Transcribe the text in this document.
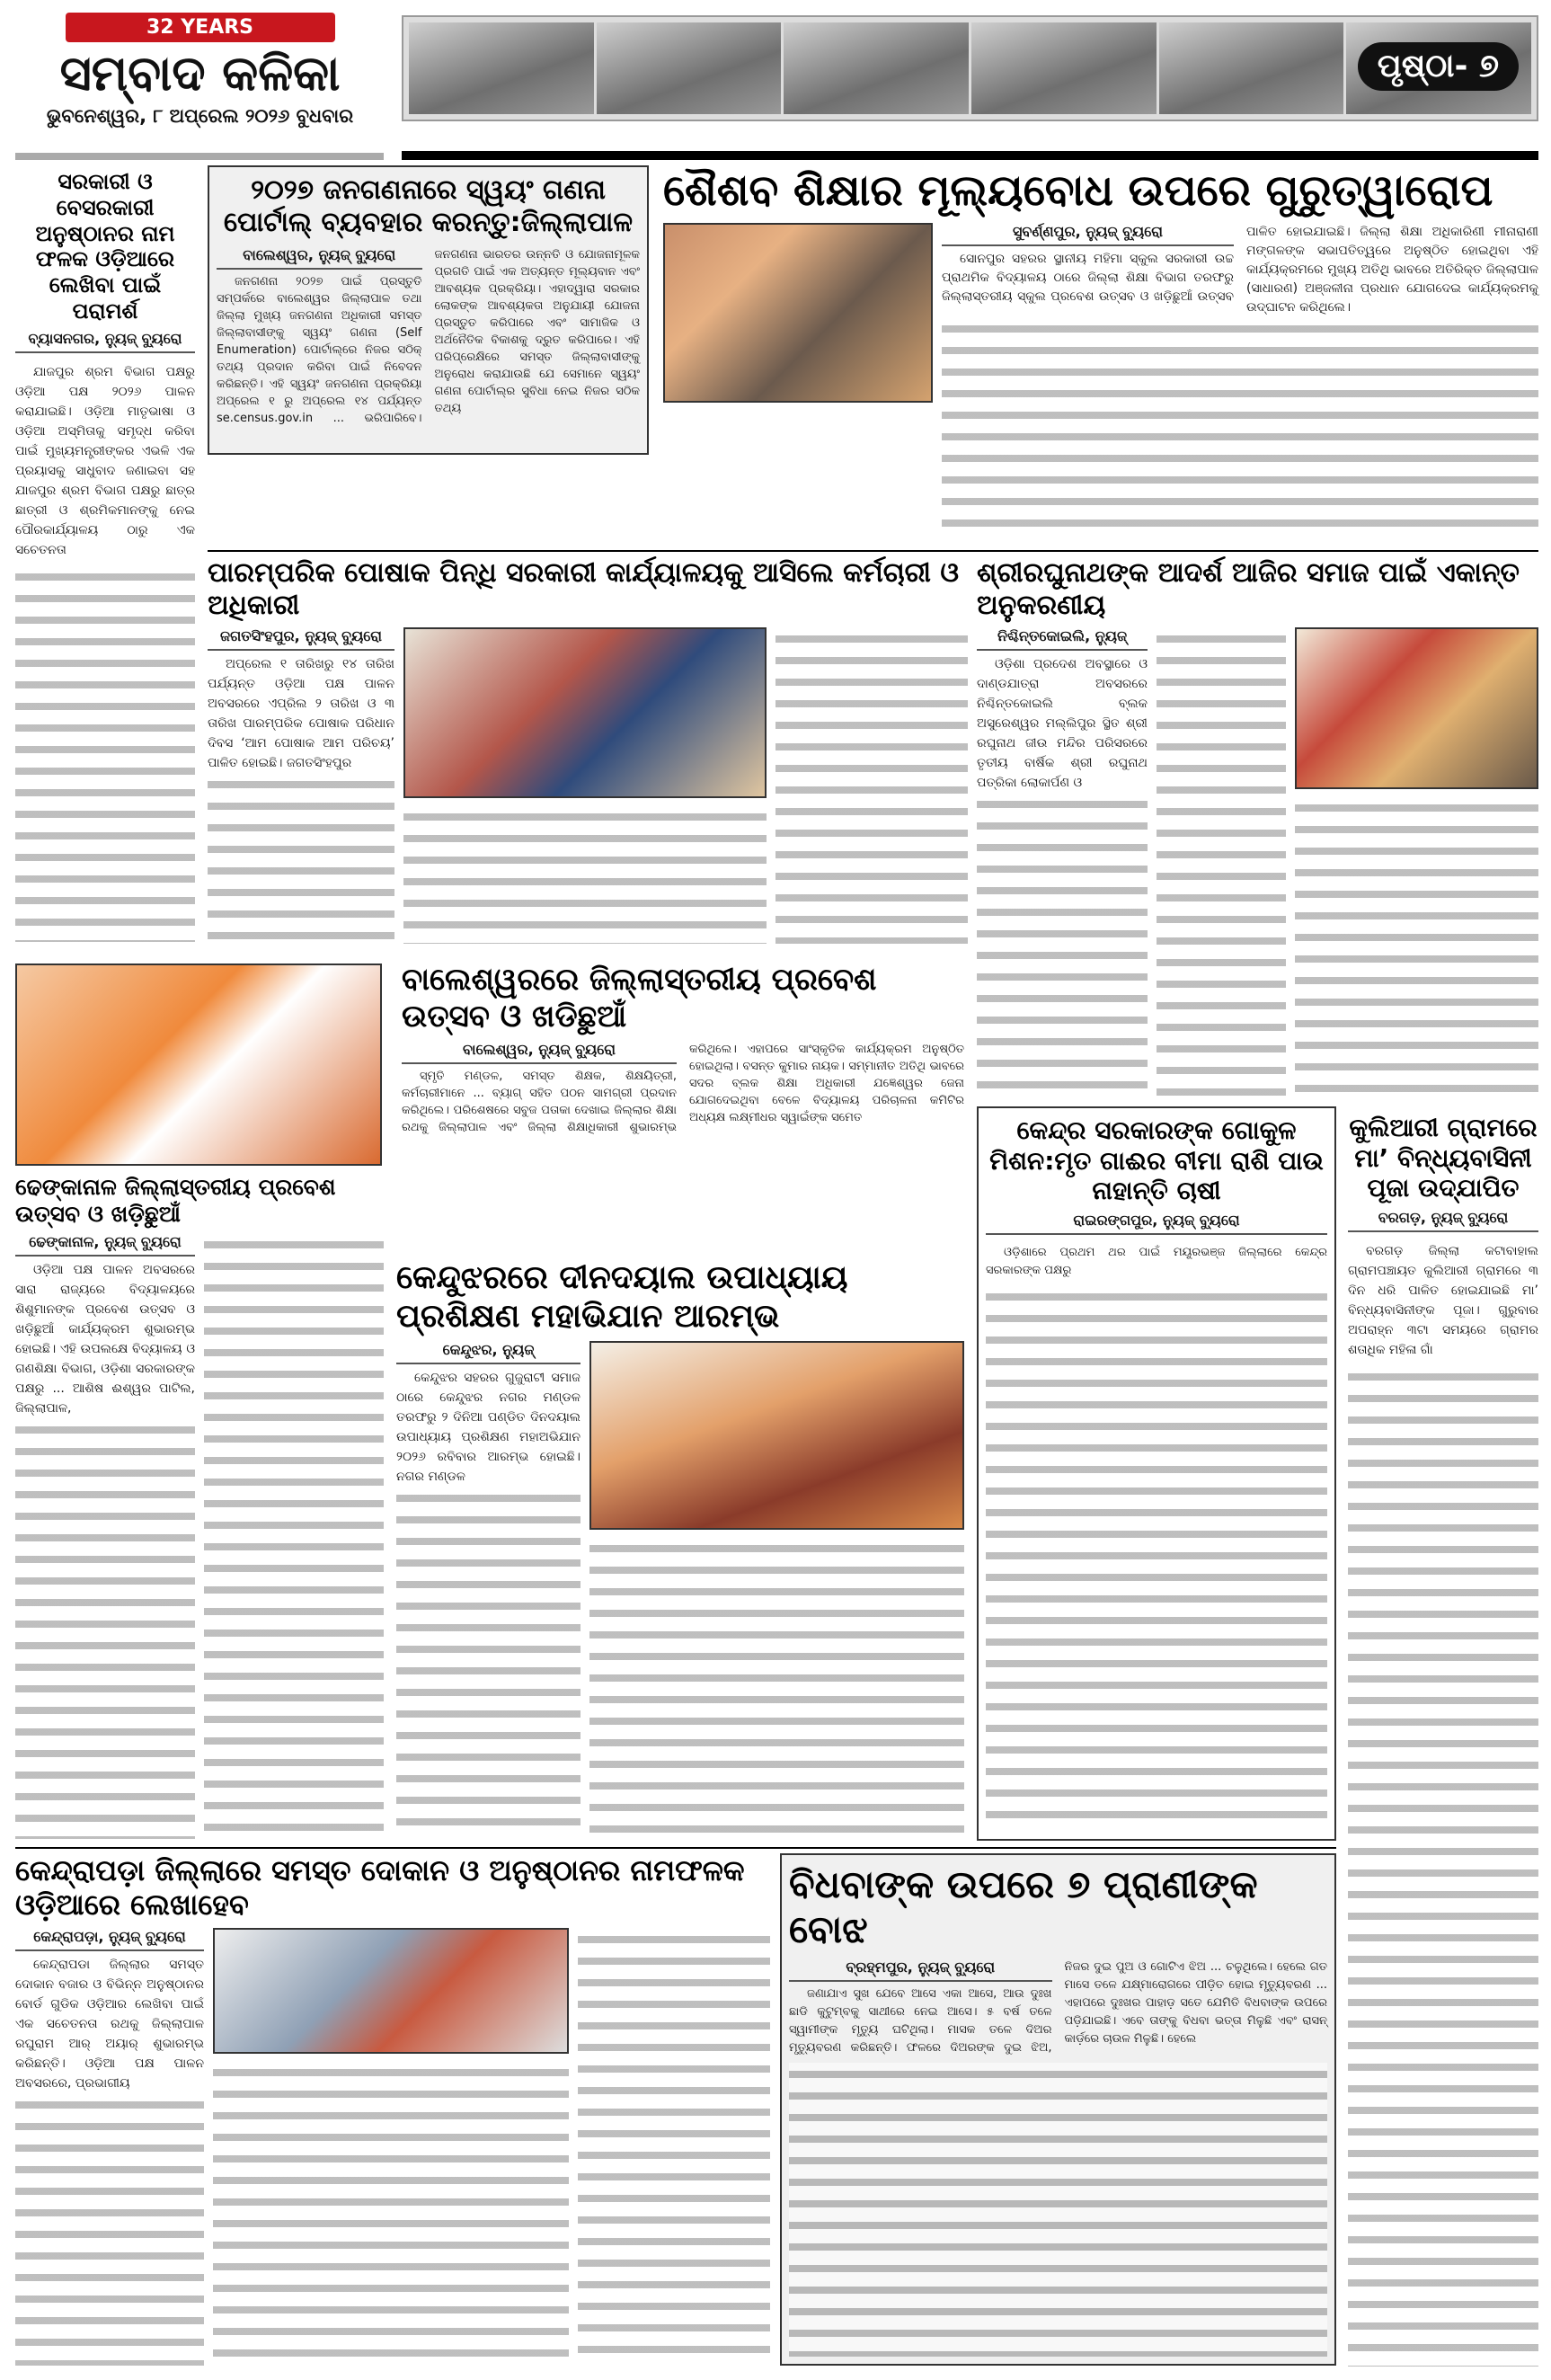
32 YEARS
ସମ୍ବାଦ କଳିକା
ଭୁବନେଶ୍ୱର, ୮ ଅପ୍ରେଲ ୨୦୨୬ ବୁଧବାର
ପୃଷ୍ଠା- ୭
ସରକାରୀ ଓ ବେସରକାରୀ ଅନୁଷ୍ଠାନର ନାମ ଫଳକ ଓଡ଼ିଆରେ ଲେଖିବା ପାଇଁ ପରାମର୍ଶ
ବ୍ୟାସନଗର, ନ୍ୟୁଜ୍ ବ୍ୟୁରୋ
ଯାଜପୁର ଶ୍ରମ ବିଭାଗ ପକ୍ଷରୁ ଓଡ଼ିଆ ପକ୍ଷ ୨୦୨୬ ପାଳନ କରାଯାଇଛି। ଓଡ଼ିଆ ମାତୃଭାଷା ଓ ଓଡ଼ିଆ ଅସ୍ମିତାକୁ ସମୃଦ୍ଧ କରିବା ପାଇଁ ମୁଖ୍ୟମନ୍ତ୍ରୀଙ୍କର ଏଭଳି ଏକ ପ୍ରୟାସକୁ ସାଧୁବାଦ ଜଣାଇବା ସହ ଯାଜପୁର ଶ୍ରମ ବିଭାଗ ପକ୍ଷରୁ ଛାତ୍ର ଛାତ୍ରୀ ଓ ଶ୍ରମିକମାନଙ୍କୁ ନେଇ ପୌରକାର୍ଯ୍ୟାଳୟ ଠାରୁ ଏକ ସଚେତନତା
୨୦୨୭ ଜନଗଣନାରେ ସ୍ୱୟଂ ଗଣନା ପୋର୍ଟାଲ୍ ବ୍ୟବହାର କରନ୍ତୁ:ଜିଲ୍ଲାପାଳ
ବାଲେଶ୍ୱର, ନ୍ୟୁଜ୍ ବ୍ୟୁରୋ
ଜନଗଣନା ୨୦୨୭ ପାଇଁ ପ୍ରସ୍ତୁତି ସମ୍ପର୍କରେ ବାଲେଶ୍ୱର ଜିଲ୍ଲାପାଳ ତଥା ଜିଲ୍ଲା ମୁଖ୍ୟ ଜନଗଣନା ଅଧିକାରୀ ସମସ୍ତ ଜିଲ୍ଲାବାସୀଙ୍କୁ ସ୍ୱୟଂ ଗଣନା (Self Enumeration) ପୋର୍ଟାଲ୍‌ରେ ନିଜର ସଠିକ୍ ତଥ୍ୟ ପ୍ରଦାନ କରିବା ପାଇଁ ନିବେଦନ କରିଛନ୍ତି। ଏହି ସ୍ୱୟଂ ଜନଗଣନା ପ୍ରକ୍ରିୟା ଅପ୍ରେଲ ୧ ରୁ ଅପ୍ରେଲ ୧୪ ପର୍ଯ୍ୟନ୍ତ se.census.gov.in ... ଭରିପାରିବେ। ଜନଗଣନା ଭାରତର ଉନ୍ନତି ଓ ଯୋଜନାମୂଳକ ପ୍ରଗତି ପାଇଁ ଏକ ଅତ୍ୟନ୍ତ ମୂଲ୍ୟବାନ ଏବଂ ଆବଶ୍ୟକ ପ୍ରକ୍ରିୟା। ଏହାଦ୍ୱାରା ସରକାର ଲୋକଙ୍କ ଆବଶ୍ୟକତା ଅନୁଯାୟୀ ଯୋଜନା ପ୍ରସ୍ତୁତ କରିପାରେ ଏବଂ ସାମାଜିକ ଓ ଅର୍ଥନୈତିକ ବିକାଶକୁ ଦ୍ରୁତ କରିପାରେ। ଏହି ପରିପ୍ରେକ୍ଷିରେ ସମସ୍ତ ଜିଲ୍ଲାବାସୀଙ୍କୁ ଅନୁରୋଧ କରାଯାଉଛି ଯେ ସେମାନେ ସ୍ୱୟଂ ଗଣନା ପୋର୍ଟାଲ୍‌ର ସୁବିଧା ନେଇ ନିଜର ସଠିକ ତଥ୍ୟ
ଶୈଶବ ଶିକ୍ଷାର ମୂଲ୍ୟବୋଧ ଉପରେ ଗୁରୁତ୍ୱାରୋପ
ସୁବର୍ଣ୍ଣପୁର, ନ୍ୟୁଜ୍ ବ୍ୟୁରୋ
ସୋନପୁର ସହରର ସ୍ଥାନୀୟ ମହିମା ସ୍କୁଲ ସରକାରୀ ଉଚ୍ଚ ପ୍ରାଥମିକ ବିଦ୍ୟାଳୟ ଠାରେ ଜିଲ୍ଲା ଶିକ୍ଷା ବିଭାଗ ତରଫରୁ ଜିଲ୍ଲାସ୍ତରୀୟ ସ୍କୁଲ ପ୍ରବେଶ ଉତ୍ସବ ଓ ଖଡ଼ିଛୁଆଁ ଉତ୍ସବ ପାଳିତ ହୋଇଯାଇଛି। ଜିଲ୍ଲା ଶିକ୍ଷା ଅଧିକାରିଣୀ ମୀନାରାଣୀ ମଙ୍ଗଳଙ୍କ ସଭାପତିତ୍ୱରେ ଅନୁଷ୍ଠିତ ହୋଇଥିବା ଏହି କାର୍ଯ୍ୟକ୍ରମରେ ମୁଖ୍ୟ ଅତିଥି ଭାବରେ ଅତିରିକ୍ତ ଜିଲ୍ଲାପାଳ (ସାଧାରଣ) ଅଞ୍ଜଳୀନା ପ୍ରଧାନ ଯୋଗଦେଇ କାର୍ଯ୍ୟକ୍ରମକୁ ଉଦ୍‌ଘାଟନ କରିଥିଲେ।
ପାରମ୍ପରିକ ପୋଷାକ ପିନ୍ଧି ସରକାରୀ କାର୍ଯ୍ୟାଳୟକୁ ଆସିଲେ କର୍ମଚାରୀ ଓ ଅଧିକାରୀ
ଜଗତସିଂହପୁର, ନ୍ୟୁଜ୍ ବ୍ୟୁରୋ
ଅପ୍ରେଲ ୧ ତାରିଖରୁ ୧୪ ତାରିଖ ପର୍ଯ୍ୟନ୍ତ ଓଡ଼ିଆ ପକ୍ଷ ପାଳନ ଅବସରରେ ଏପ୍ରିଲ ୨ ତାରିଖ ଓ ୩ ତାରିଖ ପାରମ୍ପରିକ ପୋଷାକ ପରିଧାନ ଦିବସ ‘ଆମ ପୋଷାକ ଆମ ପରିଚୟ’ ପାଳିତ ହୋଇଛି। ଜଗତସିଂହପୁର
ଶ୍ରୀରଘୁନାଥଙ୍କ ଆଦର୍ଶ ଆଜିର ସମାଜ ପାଇଁ ଏକାନ୍ତ ଅନୁକରଣୀୟ
ନିଶ୍ଚିନ୍ତକୋଇଲି, ନ୍ୟୁଜ୍
ଓଡ଼ିଶା ପ୍ରଦେଶ ଅବସ୍ଥାରେ ଓ ଦାଣ୍ଡଯାତ୍ରା ଅବସରରେ ନିଶ୍ଚିନ୍ତକୋଇଲି ବ୍ଲକ ଅସୁରେଶ୍ୱର ମଲ୍ଲିପୁର ସ୍ଥିତ ଶ୍ରୀ ରଘୁନାଥ ଜୀଉ ମନ୍ଦିର ପରିସରରେ ତୃତୀୟ ବାର୍ଷିକ ଶ୍ରୀ ରଘୁନାଥ ପତ୍ରିକା ଲୋକାର୍ପଣ ଓ
ବାଲେଶ୍ୱରରେ ଜିଲ୍ଲାସ୍ତରୀୟ ପ୍ରବେଶ ଉତ୍ସବ ଓ ଖଡିଛୁଆଁ
ବାଲେଶ୍ୱର, ନ୍ୟୁଜ୍ ବ୍ୟୁରୋ
ସ୍ମୃତି ମଣ୍ଡଳ, ସମସ୍ତ ଶିକ୍ଷକ, ଶିକ୍ଷୟିତ୍ରୀ, କର୍ମଚାରୀମାନେ ... ବ୍ୟାଗ୍ ସହିତ ପଠନ ସାମଗ୍ରୀ ପ୍ରଦାନ କରିଥିଲେ। ପରିଶେଷରେ ସବୁଜ ପତାକା ଦେଖାଇ ଜିଲ୍ଲାର ଶିକ୍ଷା ରଥକୁ ଜିଲ୍ଲାପାଳ ଏବଂ ଜିଲ୍ଲା ଶିକ୍ଷାଧିକାରୀ ଶୁଭାରମ୍ଭ କରିଥିଲେ। ଏହାପରେ ସାଂସ୍କୃତିକ କାର୍ଯ୍ୟକ୍ରମ ଅନୁଷ୍ଠିତ ହୋଇଥିଲା। ବସନ୍ତ କୁମାର ନାୟକ। ସମ୍ମାନୀତ ଅତିଥି ଭାବରେ ସଦର ବ୍ଲକ ଶିକ୍ଷା ଅଧିକାରୀ ଯଜ୍ଞେଶ୍ୱର ଜେନା ଯୋଗଦେଇଥିବା ବେଳେ ବିଦ୍ୟାଳୟ ପରିଚାଳନା କମିଟିର ଅଧ୍ୟକ୍ଷ ଲକ୍ଷ୍ମୀଧର ସ୍ୱାଇଁଙ୍କ ସମେତ
ଢେଙ୍କାନାଳ ଜିଲ୍ଲାସ୍ତରୀୟ ପ୍ରବେଶ ଉତ୍ସବ ଓ ଖଡ଼ିଛୁଆଁ
ଢେଙ୍କାନାଳ, ନ୍ୟୁଜ୍ ବ୍ୟୁରୋ
ଓଡ଼ିଆ ପକ୍ଷ ପାଳନ ଅବସରରେ ସାରା ରାଜ୍ୟରେ ବିଦ୍ୟାଳୟରେ ଶିଶୁମାନଙ୍କ ପ୍ରବେଶ ଉତ୍ସବ ଓ ଖଡ଼ିଛୁଆଁ କାର୍ଯ୍ୟକ୍ରମ ଶୁଭାରମ୍ଭ ହୋଇଛି। ଏହି ଉପଲକ୍ଷେ ବିଦ୍ୟାଳୟ ଓ ଗଣଶିକ୍ଷା ବିଭାଗ, ଓଡ଼ିଶା ସରକାରଙ୍କ ପକ୍ଷରୁ ... ଆଶିଷ ଈଶ୍ୱର ପାଟିଲ, ଜିଲ୍ଲାପାଳ,
କେନ୍ଦୁଝରରେ ଦୀନଦୟାଲ ଉପାଧ୍ୟାୟ ପ୍ରଶିକ୍ଷଣ ମହାଭିଯାନ ଆରମ୍ଭ
କେନ୍ଦୁଝର, ନ୍ୟୁଜ୍
କେନ୍ଦୁଝର ସହରର ଗୁଜୁରାଟୀ ସମାଜ ଠାରେ କେନ୍ଦୁଝର ନଗର ମଣ୍ଡଳ ତରଫରୁ ୨ ଦିନିଆ ପଣ୍ଡିତ ଦିନଦୟାଲ ଉପାଧ୍ୟାୟ ପ୍ରଶିକ୍ଷଣ ମହାଅଭିଯାନ ୨୦୨୬ ରବିବାର ଆରମ୍ଭ ହୋଇଛି। ନଗର ମଣ୍ଡଳ
କେନ୍ଦ୍ର ସରକାରଙ୍କ ଗୋକୁଳ ମିଶନ:ମୃତ ଗାଈର ବୀମା ରାଶି ପାଉ ନାହାନ୍ତି ଚାଷୀ
ରାଇରଙ୍ଗପୁର, ନ୍ୟୁଜ୍ ବ୍ୟୁରୋ
ଓଡ଼ିଶାରେ ପ୍ରଥମ ଥର ପାଇଁ ମୟୂରଭଞ୍ଜ ଜିଲ୍ଲାରେ କେନ୍ଦ୍ର ସରକାରଙ୍କ ପକ୍ଷରୁ
କୁଲିଆରୀ ଗ୍ରାମରେ ମା’ ବିନ୍ଧ୍ୟବାସିନୀ ପୂଜା ଉଦ୍‌ଯାପିତ
ବରଗଡ଼, ନ୍ୟୁଜ୍ ବ୍ୟୁରୋ
ବରଗଡ଼ ଜିଲ୍ଲା କଟାବାହାଲ ଗ୍ରାମପଞ୍ଚାୟତ କୁଲିଆରୀ ଗ୍ରାମରେ ୩ ଦିନ ଧରି ପାଳିତ ହୋଇଯାଇଛି ମା’ ବିନ୍ଧ୍ୟବାସିନୀଙ୍କ ପୂଜା। ଗୁରୁବାର ଅପରାହ୍ନ ୩ଟା ସମୟରେ ଗ୍ରାମର ଶତାଧିକ ମହିଳା ଗାଁ
କେନ୍ଦ୍ରାପଡ଼ା ଜିଲ୍ଲାରେ ସମସ୍ତ ଦୋକାନ ଓ ଅନୁଷ୍ଠାନର ନାମଫଳକ ଓଡ଼ିଆରେ ଲେଖାହେବ
କେନ୍ଦ୍ରାପଡ଼ା, ନ୍ୟୁଜ୍ ବ୍ୟୁରୋ
କେନ୍ଦ୍ରାପଡା ଜିଲ୍ଲାର ସମସ୍ତ ଦୋକାନ ବଜାର ଓ ବିଭିନ୍ନ ଅନୁଷ୍ଠାନର ବୋର୍ଡ ଗୁଡିକ ଓଡ଼ିଆର ଲେଖିବା ପାଇଁ ଏକ ସଚେତନତା ରଥକୁ ଜିଲ୍ଲାପାଳ ରଘୁରାମ ଆର୍ ଅୟାର୍ ଶୁଭାରମ୍ଭ କରିଛନ୍ତି। ଓଡ଼ିଆ ପକ୍ଷ ପାଳନ ଅବସରରେ, ପ୍ରଭାଗୀୟ
ବିଧବାଙ୍କ ଉପରେ ୭ ପ୍ରାଣୀଙ୍କ ବୋଝ
ବ୍ରହ୍ମପୁର, ନ୍ୟୁଜ୍ ବ୍ୟୁରୋ
ଜଣାଯାଏ ସୁଖ ଯେବେ ଆସେ ଏକା ଆସେ, ଆଉ ଦୁଃଖ ଛାଡି କୁଟୁମ୍ବକୁ ସାଥୀରେ ନେଇ ଆସେ। ୫ ବର୍ଷ ତଳେ ସ୍ୱାମୀଙ୍କ ମୃତ୍ୟୁ ଘଟିଥିଲା। ମାସକ ତଳେ ଦିଅର ମୃତ୍ୟୁବରଣ କରିଛନ୍ତି। ଫଳରେ ଦିଅରଙ୍କ ଦୁଇ ଝିଅ, ନିଜର ଦୁଇ ପୁଅ ଓ ଗୋଟିଏ ଝିଅ ... ଚଳୁଥିଲେ। ହେଲେ ଗତ ମାସେ ତଳେ ଯକ୍ଷ୍ମାରୋଗରେ ପୀଡ଼ିତ ହୋଇ ମୃତ୍ୟୁବରଣ ... ଏହାପରେ ଦୁଃଖର ପାହାଡ଼ ସତେ ଯେମିତି ବିଧବାଙ୍କ ଉପରେ ପଡ଼ିଯାଇଛି। ଏବେ ତାଙ୍କୁ ବିଧବା ଭତ୍ତା ମିଳୁଛି ଏବଂ ରାସନ୍ କାର୍ଡ଼ରେ ଚାଉଳ ମିଳୁଛି। ହେଲେ
